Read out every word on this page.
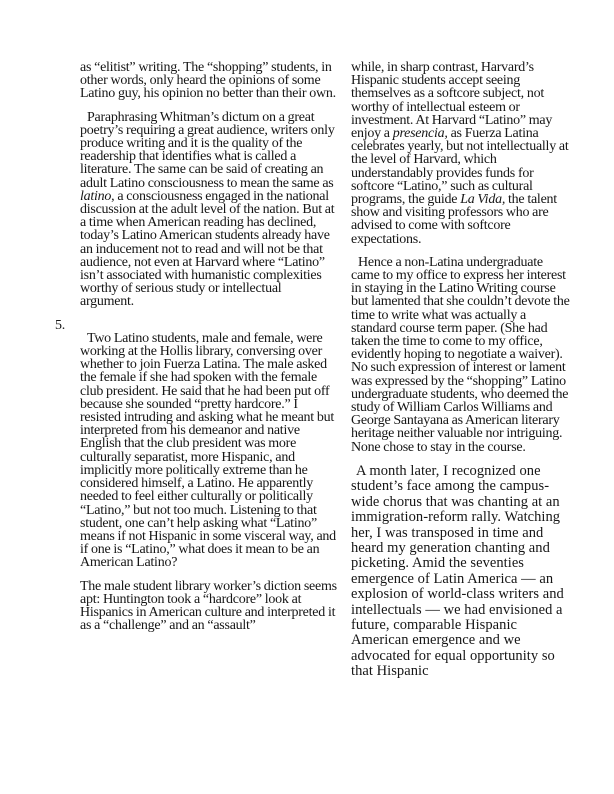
as “elitist” writing. The “shopping” students, in other words, only heard the opinions of some Latino guy, his opinion no better than their own.

Paraphrasing Whitman’s dictum on a great poetry’s requiring a great audience, writers only produce writing and it is the quality of the readership that identifies what is called a literature. The same can be said of creating an adult Latino consciousness to mean the same as latino, a consciousness engaged in the national discussion at the adult level of the nation. But at a time when American reading has declined, today’s Latino American students already have an inducement not to read and will not be that audience, not even at Harvard where “Latino” isn’t associated with humanistic complexities worthy of serious study or intellectual argument.

5.

Two Latino students, male and female, were working at the Hollis library, conversing over whether to join Fuerza Latina. The male asked the female if she had spoken with the female club president. He said that he had been put off because she sounded “pretty hardcore.” I resisted intruding and asking what he meant but interpreted from his demeanor and native English that the club president was more culturally separatist, more Hispanic, and implicitly more politically extreme than he considered himself, a Latino. He apparently needed to feel either culturally or politically “Latino,” but not too much. Listening to that student, one can’t help asking what “Latino” means if not Hispanic in some visceral way, and if one is “Latino,” what does it mean to be an American Latino?

The male student library worker’s diction seems apt: Huntington took a “hardcore” look at Hispanics in American culture and interpreted it as a “challenge” and an “assault”

while, in sharp contrast, Harvard’s Hispanic students accept seeing themselves as a softcore subject, not worthy of intellectual esteem or investment. At Harvard “Latino” may enjoy a presencia, as Fuerza Latina celebrates yearly, but not intellectually at the level of Harvard, which understandably provides funds for softcore “Latino,” such as cultural programs, the guide La Vida, the talent show and visiting professors who are advised to come with softcore expectations.

Hence a non-Latina undergraduate came to my office to express her interest in staying in the Latino Writing course but lamented that she couldn’t devote the time to write what was actually a standard course term paper. (She had taken the time to come to my office, evidently hoping to negotiate a waiver). No such expression of interest or lament was expressed by the “shopping” Latino undergraduate students, who deemed the study of William Carlos Williams and George Santayana as American literary heritage neither valuable nor intriguing. None chose to stay in the course.

A month later, I recognized one student’s face among the campus-wide chorus that was chanting at an immigration-reform rally. Watching her, I was transposed in time and heard my generation chanting and picketing. Amid the seventies emergence of Latin America — an explosion of world-class writers and intellectuals — we had envisioned a future, comparable Hispanic American emergence and we advocated for equal opportunity so that Hispanic
